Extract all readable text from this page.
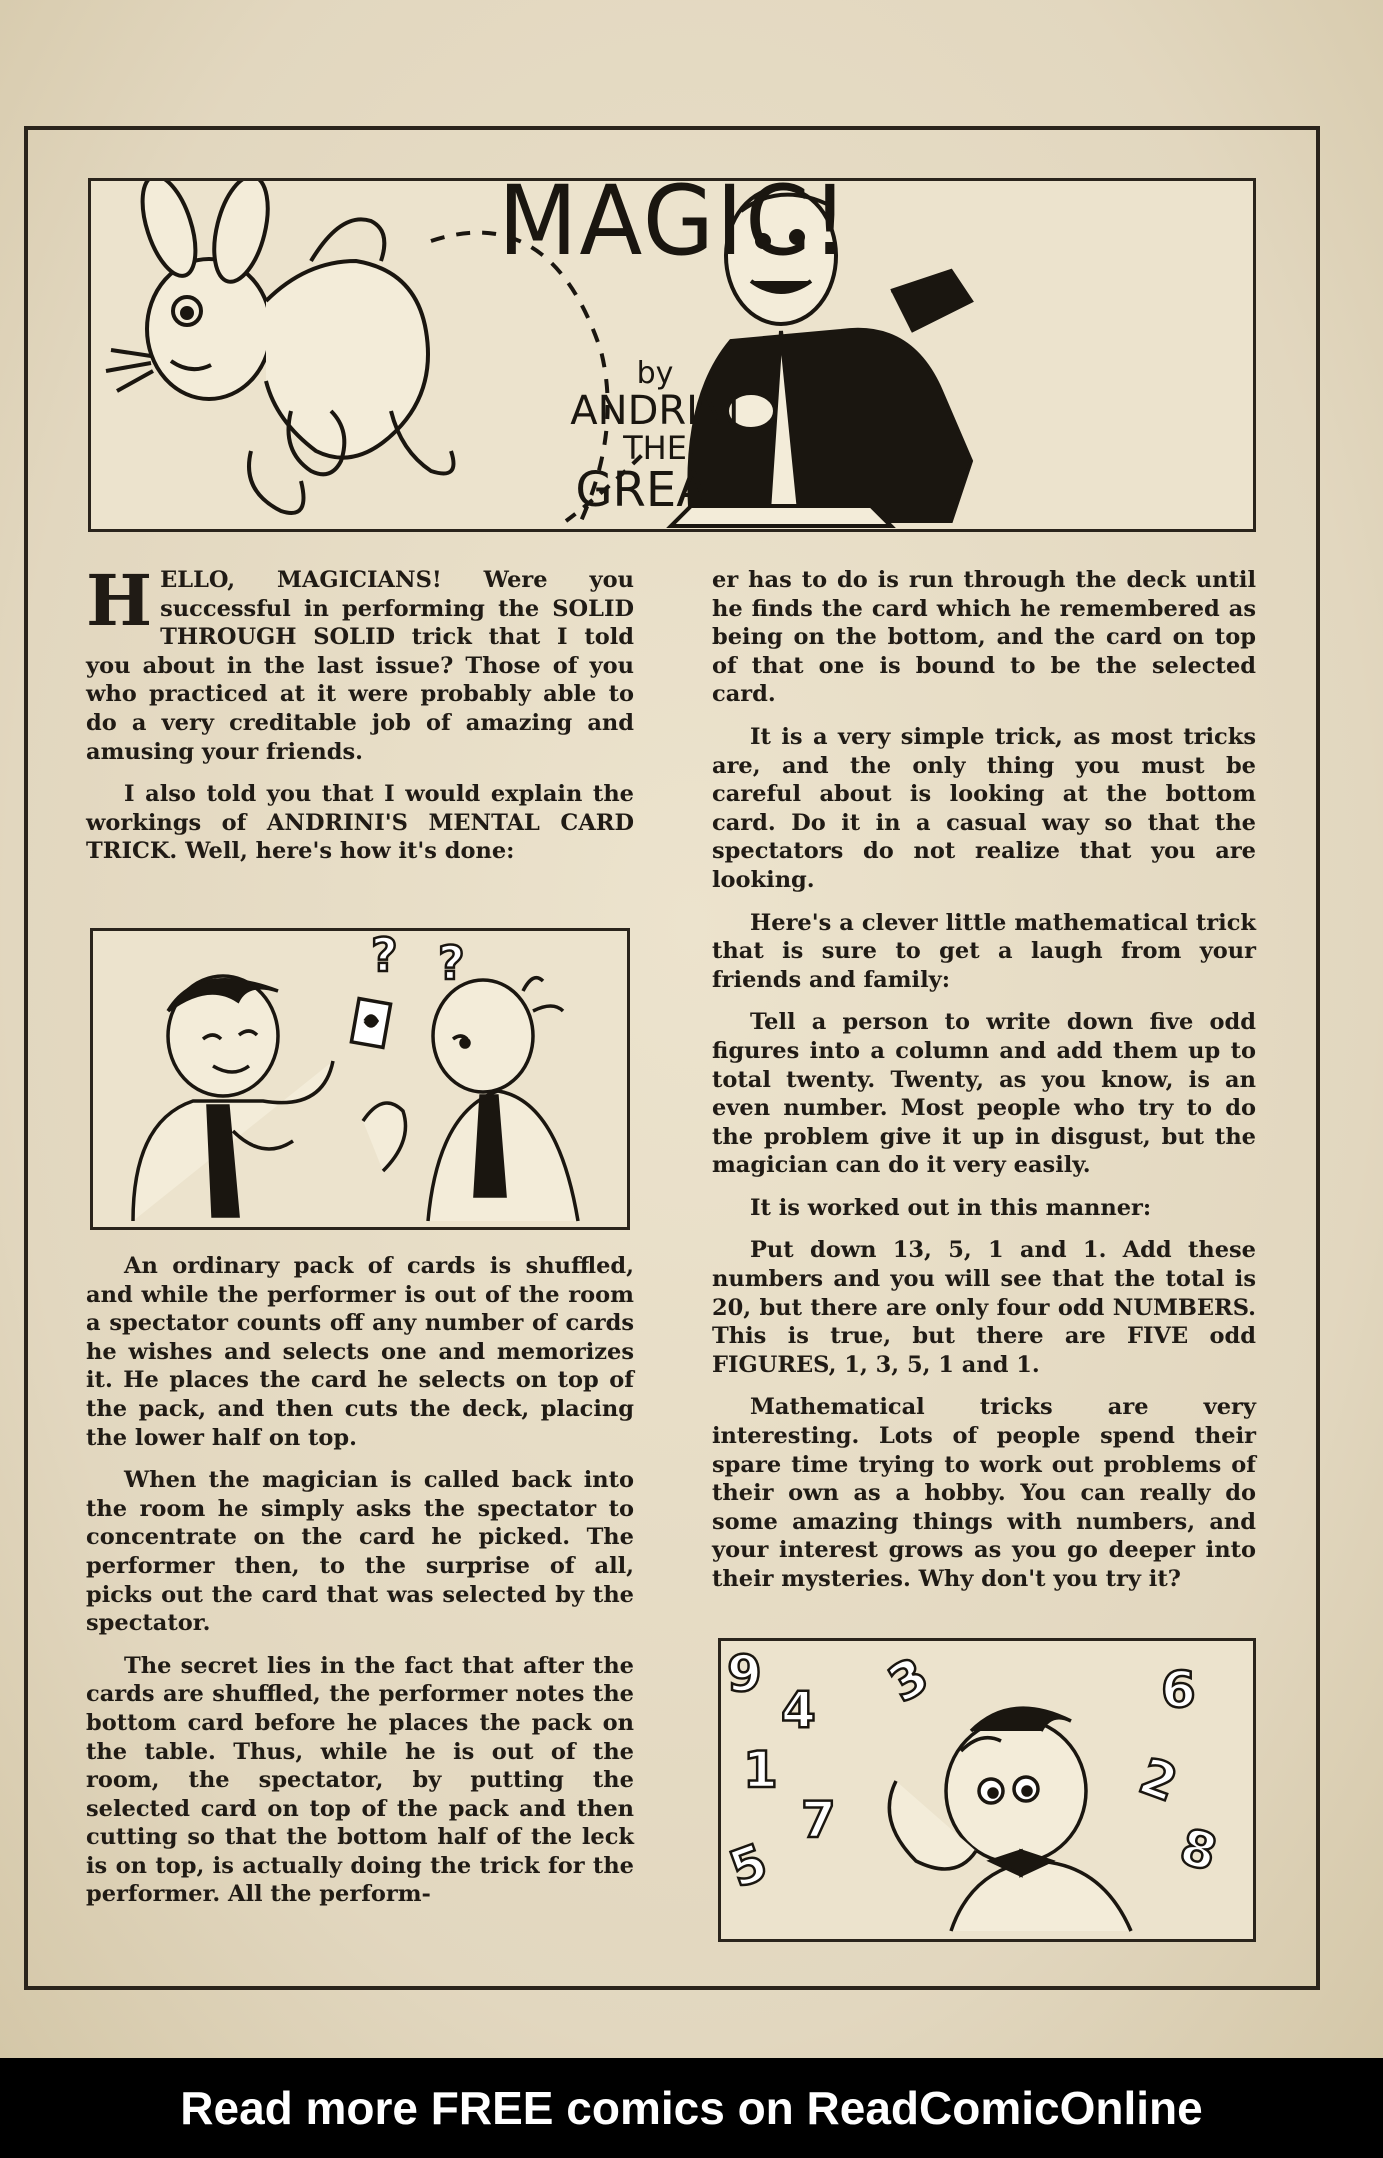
MAGIC!
by
ANDRINI
THE
GREAT

HELLO, MAGICIANS! Were you successful in performing the SOLID THROUGH SOLID trick that I told you about in the last issue? Those of you who practiced at it were probably able to do a very creditable job of amazing and amusing your friends.

I also told you that I would explain the workings of ANDRINI'S MENTAL CARD TRICK. Well, here's how it's done:

? ?

An ordinary pack of cards is shuffled, and while the performer is out of the room a spectator counts off any number of cards he wishes and selects one and memorizes it. He places the card he selects on top of the pack, and then cuts the deck, placing the lower half on top.

When the magician is called back into the room he simply asks the spectator to concentrate on the card he picked. The performer then, to the surprise of all, picks out the card that was selected by the spectator.

The secret lies in the fact that after the cards are shuffled, the performer notes the bottom card before he places the pack on the table. Thus, while he is out of the room, the spectator, by putting the selected card on top of the pack and then cutting so that the bottom half of the leck is on top, is actually doing the trick for the performer. All the perform-

er has to do is run through the deck until he finds the card which he remembered as being on the bottom, and the card on top of that one is bound to be the selected card.

It is a very simple trick, as most tricks are, and the only thing you must be careful about is looking at the bottom card. Do it in a casual way so that the spectators do not realize that you are looking.

Here's a clever little mathematical trick that is sure to get a laugh from your friends and family:

Tell a person to write down five odd figures into a column and add them up to total twenty. Twenty, as you know, is an even number. Most people who try to do the problem give it up in disgust, but the magician can do it very easily.

It is worked out in this manner:

Put down 13, 5, 1 and 1. Add these numbers and you will see that the total is 20, but there are only four odd NUMBERS. This is true, but there are FIVE odd FIGURES, 1, 3, 5, 1 and 1.

Mathematical tricks are very interesting. Lots of people spend their spare time trying to work out problems of their own as a hobby. You can really do some amazing things with numbers, and your interest grows as you go deeper into their mysteries. Why don't you try it?

9
4 3	6
1	2
7
5	8
Read more FREE comics on ReadComicOnline
